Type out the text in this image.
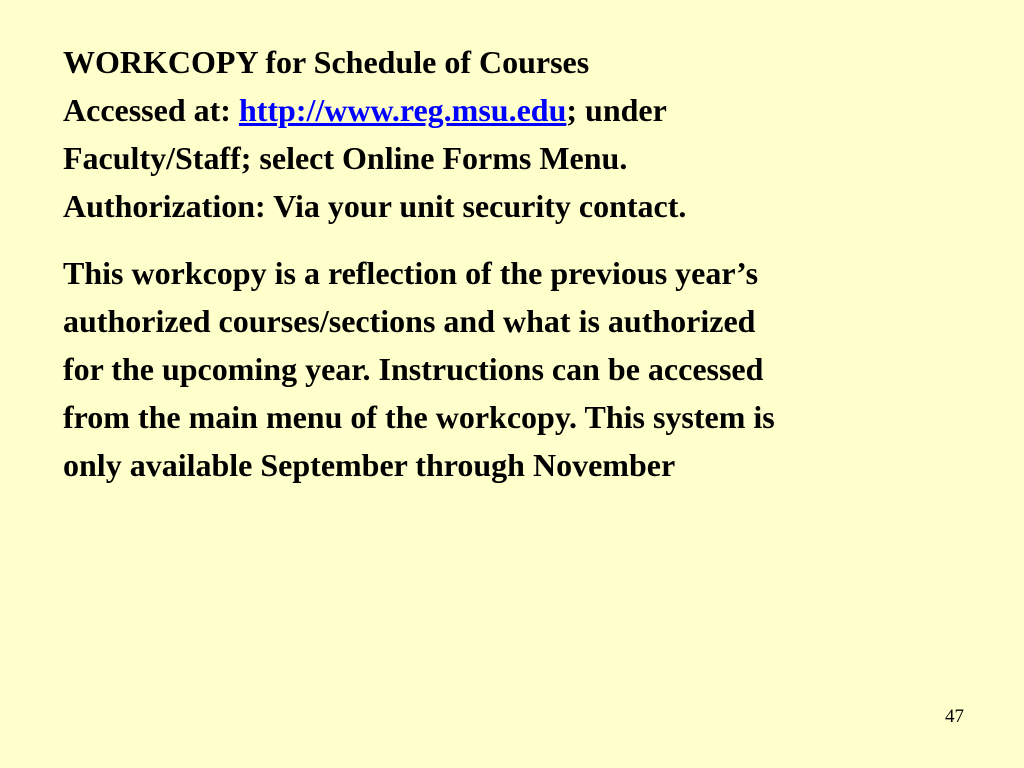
WORKCOPY for Schedule of Courses
Accessed at: http://www.reg.msu.edu; under
Faculty/Staff; select Online Forms Menu.
Authorization: Via your unit security contact.
This workcopy is a reflection of the previous year’s
authorized courses/sections and what is authorized
for the upcoming year. Instructions can be accessed
from the main menu of the workcopy. This system is
only available September through November
47
